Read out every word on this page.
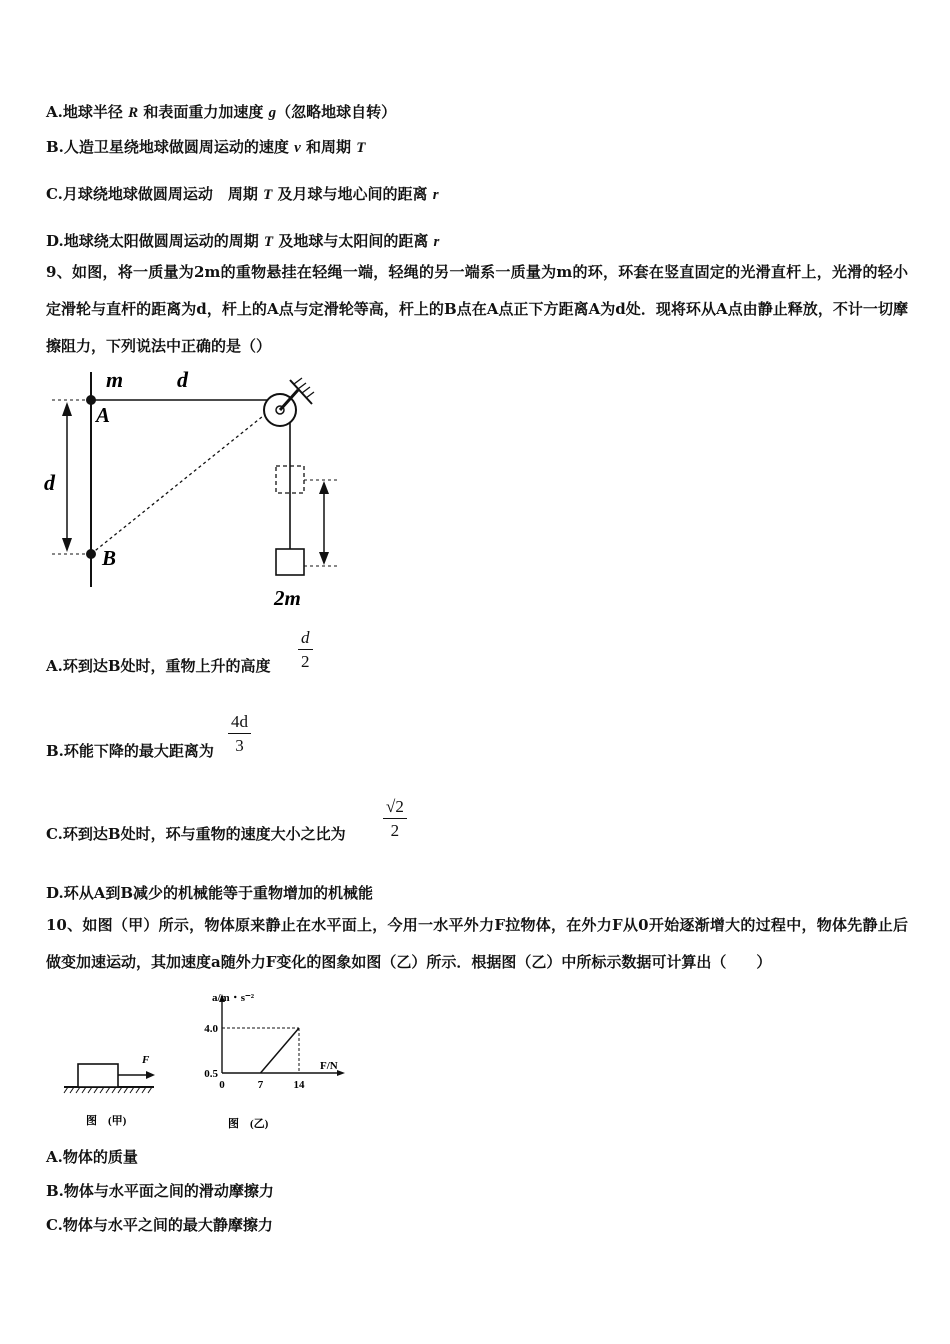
A.地球半径 R 和表面重力加速度 g（忽略地球自转）
B.人造卫星绕地球做圆周运动的速度 v 和周期 T
C.月球绕地球做圆周运动　周期 T 及月球与地心间的距离 r
D.地球绕太阳做圆周运动的周期 T 及地球与太阳间的距离 r
9、如图，将一质量为2m的重物悬挂在轻绳一端，轻绳的另一端系一质量为m的环，环套在竖直固定的光滑直杆上，光滑的轻小定滑轮与直杆的距离为d，杆上的A点与定滑轮等高，杆上的B点在A点正下方距离A为d处．现将环从A点由静止释放，不计一切摩擦阻力，下列说法中正确的是（）
m d
A
d
B
2m
A.环到达B处时，重物上升的高度 $\frac{d}{2}$
B.环能下降的最大距离为 $\frac{4d}{3}$
C.环到达B处时，环与重物的速度大小之比为 $\frac{√2}{2}$
D.环从A到B减少的机械能等于重物增加的机械能
10、如图（甲）所示，物体原来静止在水平面上，今用一水平外力F拉物体，在外力F从0开始逐渐增大的过程中，物体先静止后做变加速运动，其加速度a随外力F变化的图象如图（乙）所示．根据图（乙）中所标示数据可计算出（　　）
F
图　(甲)
a/m・s⁻²
F/N
4.0
0.5
0	7	14
图　(乙)
A.物体的质量
B.物体与水平面之间的滑动摩擦力
C.物体与水平之间的最大静摩擦力
